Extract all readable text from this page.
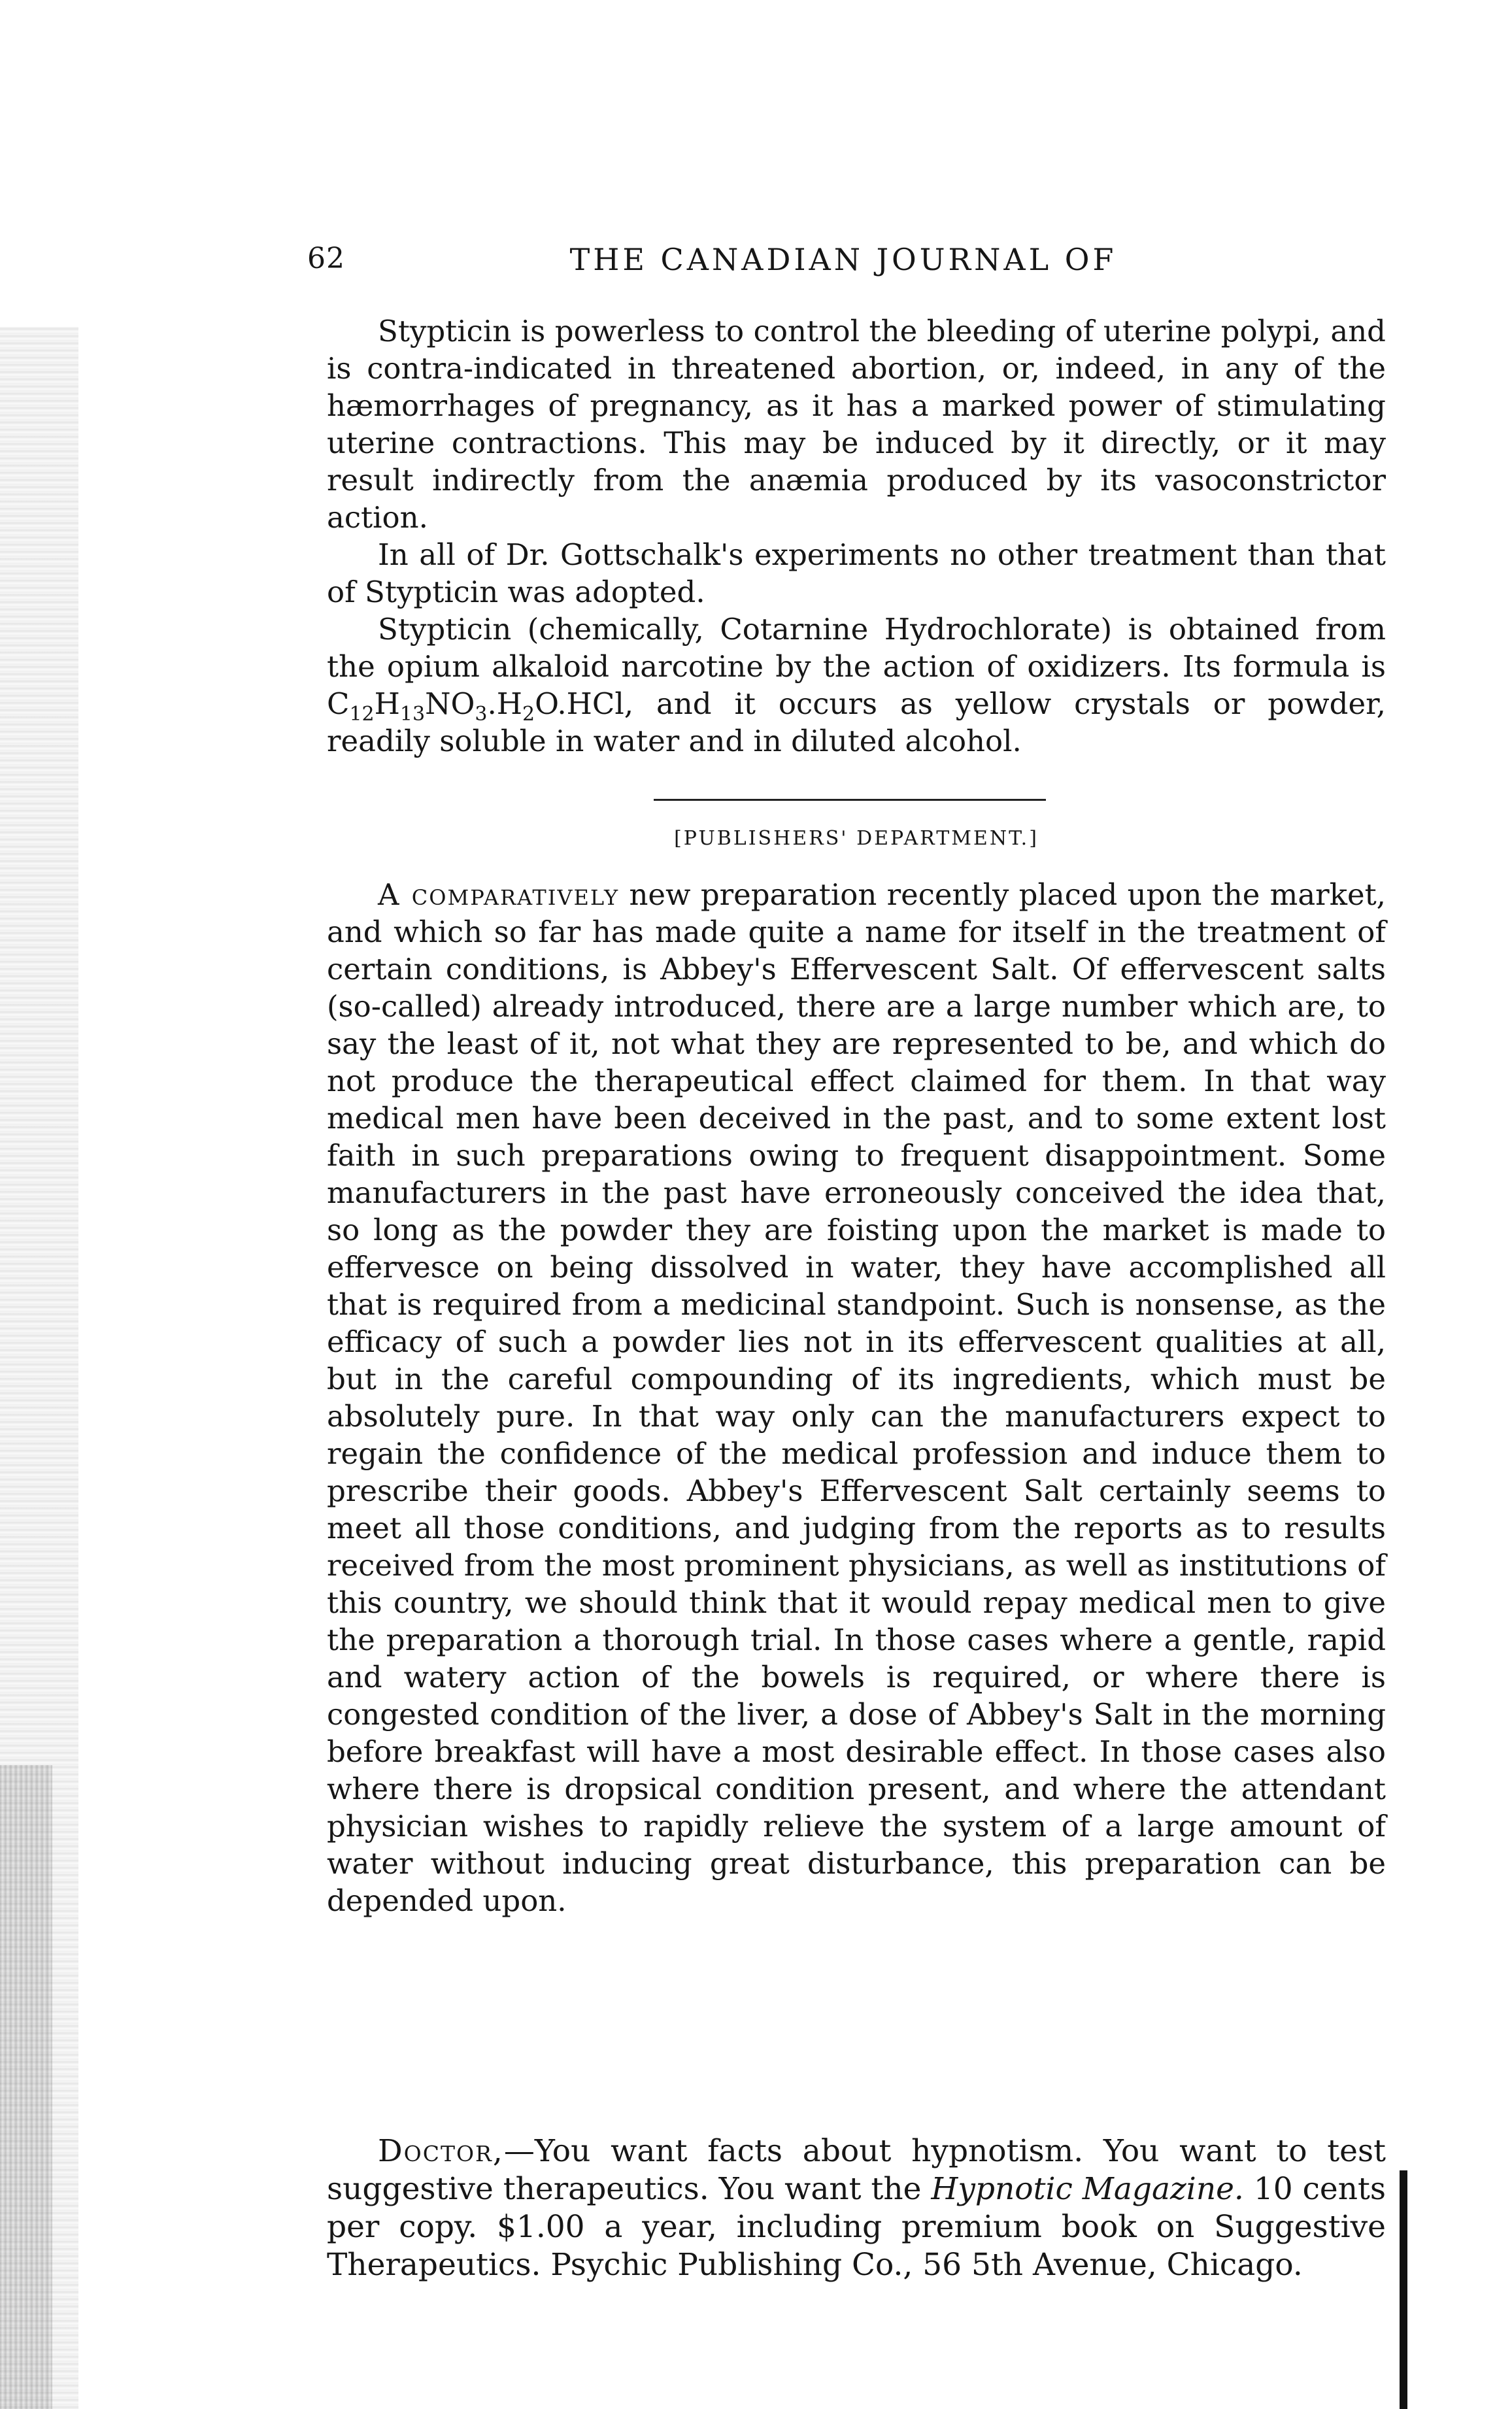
62	THE CANADIAN JOURNAL OF

Stypticin is powerless to control the bleeding of uterine polypi, and is contra-indicated in threatened abortion, or, indeed, in any of the hæmorrhages of pregnancy, as it has a marked power of stimulating uterine contractions. This may be induced by it directly, or it may result indirectly from the anæmia produced by its vasoconstrictor action.

In all of Dr. Gottschalk's experiments no other treatment than that of Stypticin was adopted.

Stypticin (chemically, Cotarnine Hydrochlorate) is obtained from the opium alkaloid narcotine by the action of oxidizers. Its formula is $C_{12}H_{13}NO_3.H_2O.HCl$, and it occurs as yellow crystals or powder, readily soluble in water and in diluted alcohol.

[PUBLISHERS' DEPARTMENT.]

A comparatively new preparation recently placed upon the market, and which so far has made quite a name for itself in the treatment of certain conditions, is Abbey's Effervescent Salt. Of effervescent salts (so-called) already introduced, there are a large number which are, to say the least of it, not what they are represented to be, and which do not produce the therapeutical effect claimed for them. In that way medical men have been deceived in the past, and to some extent lost faith in such preparations owing to frequent disappointment. Some manufacturers in the past have erroneously conceived the idea that, so long as the powder they are foisting upon the market is made to effervesce on being dissolved in water, they have accomplished all that is required from a medicinal standpoint. Such is nonsense, as the efficacy of such a powder lies not in its effervescent qualities at all, but in the careful compounding of its ingredients, which must be absolutely pure. In that way only can the manufacturers expect to regain the confidence of the medical profession and induce them to prescribe their goods. Abbey's Effervescent Salt certainly seems to meet all those conditions, and judging from the reports as to results received from the most prominent physicians, as well as institutions of this country, we should think that it would repay medical men to give the preparation a thorough trial. In those cases where a gentle, rapid and watery action of the bowels is required, or where there is congested condition of the liver, a dose of Abbey's Salt in the morning before breakfast will have a most desirable effect. In those cases also where there is dropsical condition present, and where the attendant physician wishes to rapidly relieve the system of a large amount of water without inducing great disturbance, this preparation can be depended upon.

Doctor,—You want facts about hypnotism. You want to test suggestive therapeutics. You want the Hypnotic Magazine. 10 cents per copy. $1.00 a year, including premium book on Suggestive Therapeutics. Psychic Publishing Co., 56 5th Avenue, Chicago.
